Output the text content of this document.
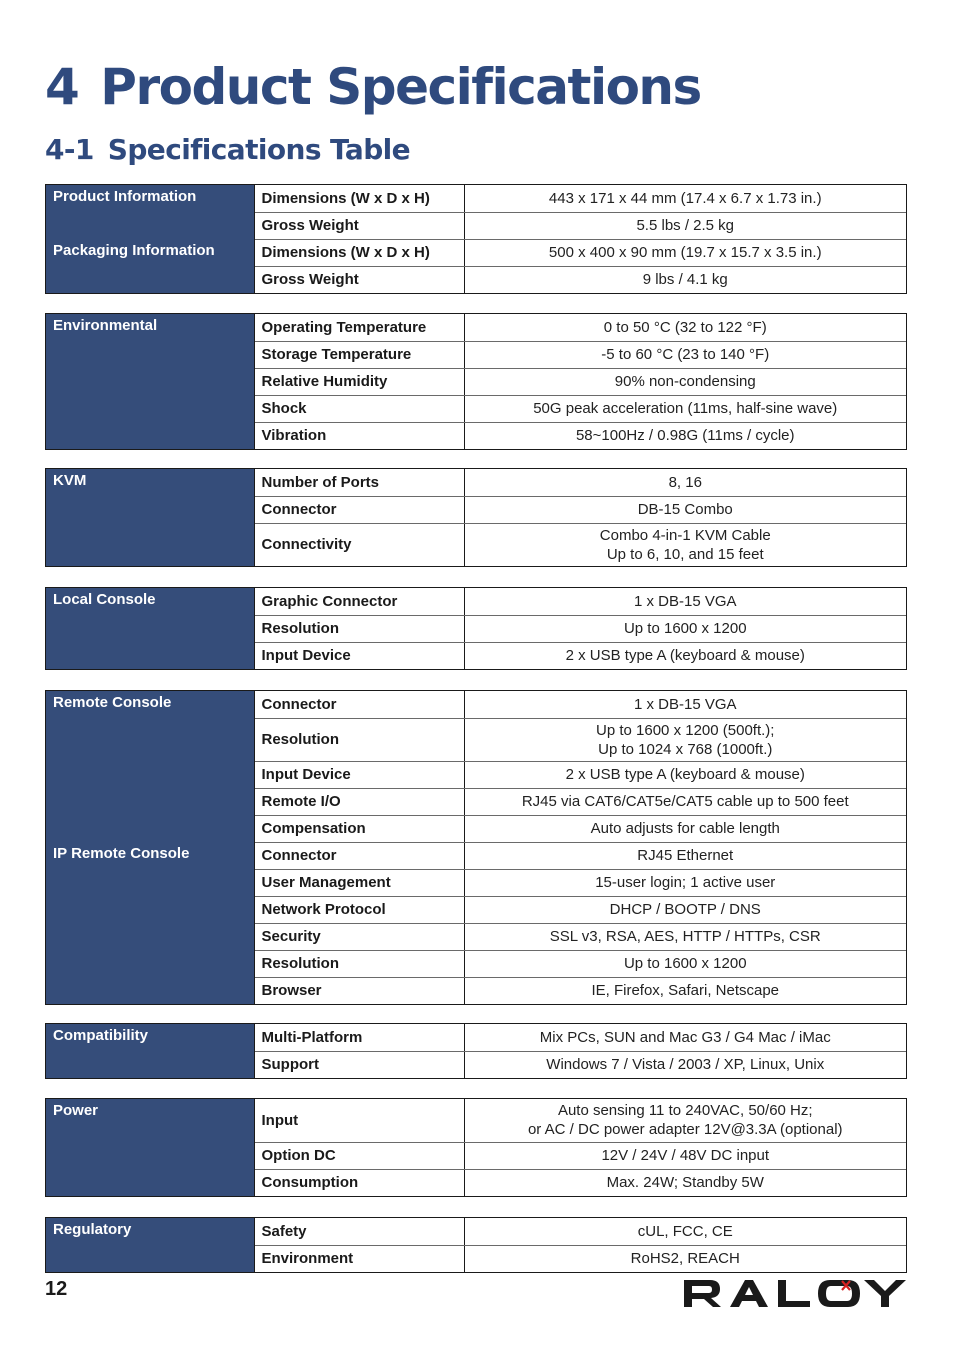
4 Product Specifications
4-1 Specifications Table
Product Information	Dimensions (W x D x H)	443 x 171 x 44 mm (17.4 x 6.7 x 1.73 in.)

	Gross Weight	5.5 lbs / 2.5 kg

Packaging Information	Dimensions (W x D x H)	500 x 400 x 90 mm (19.7 x 15.7 x 3.5 in.)

	Gross Weight	9 lbs / 4.1 kg
Environmental	Operating Temperature	0 to 50 °C (32 to 122 °F)

	Storage Temperature	-5 to 60 °C (23 to 140 °F)

	Relative Humidity	90% non-condensing

	Shock	50G peak acceleration (11ms, half-sine wave)

	Vibration	58~100Hz / 0.98G (11ms / cycle)
KVM	Number of Ports	8, 16

	Connector	DB-15 Combo

	Connectivity	Combo 4-in-1 KVM Cable
Up to 6, 10, and 15 feet
Local Console	Graphic Connector	1 x DB-15 VGA

	Resolution	Up to 1600 x 1200

	Input Device	2 x USB type A (keyboard & mouse)
Remote Console	Connector	1 x DB-15 VGA

	Resolution	Up to 1600 x 1200 (500ft.);
Up to 1024 x 768 (1000ft.)

	Input Device	2 x USB type A (keyboard & mouse)

	Remote I/O	RJ45 via CAT6/CAT5e/CAT5 cable up to 500 feet

	Compensation	Auto adjusts for cable length

IP Remote Console	Connector	RJ45 Ethernet

	User Management	15-user login; 1 active user

	Network Protocol	DHCP / BOOTP / DNS

	Security	SSL v3, RSA, AES, HTTP / HTTPs, CSR

	Resolution	Up to 1600 x 1200

	Browser	IE, Firefox, Safari, Netscape
Compatibility	Multi-Platform	Mix PCs, SUN and Mac G3 / G4 Mac / iMac

	Support	Windows 7 / Vista / 2003 / XP, Linux, Unix
Power	Input	Auto sensing 11 to 240VAC, 50/60 Hz;
or AC / DC power adapter 12V@3.3A (optional)

	Option DC	12V / 24V / 48V DC input

	Consumption	Max. 24W; Standby 5W
Regulatory	Safety	cUL, FCC, CE

	Environment	RoHS2, REACH
12
